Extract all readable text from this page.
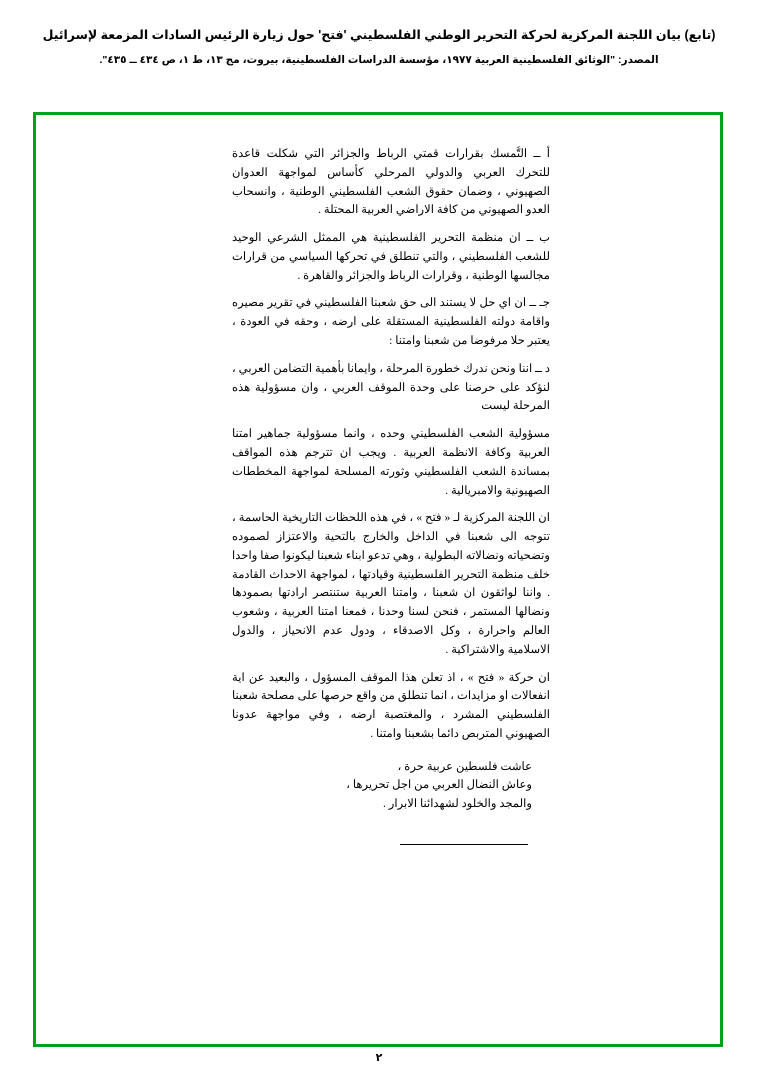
(تابع) بيان اللجنة المركزية لحركة التحرير الوطني الفلسطيني 'فتح' حول زيارة الرئيس السادات المزمعة لإسرائيل
المصدر: "الوثائق الفلسطينية العربية ١٩٧٧، مؤسسة الدراسات الفلسطينية، بيروت، مج ١٣، ط ١، ص ٤٣٤ ــ ٤٣٥".

أ ــ التَّمسك بقرارات قمتي الرباط والجزائر التي شكلت قاعدة للتحرك العربي والدولي المرحلي كأساس لمواجهة العدوان الصهيوني ، وضمان حقوق الشعب الفلسطيني الوطنية ، وانسحاب العدو الصهيوني من كافة الاراضي العربية المحتلة .

ب ــ ان منظمة التحرير الفلسطينية هي الممثل الشرعي الوحيد للشعب الفلسطيني ، والتي تنطلق في تحركها السياسي من قرارات مجالسها الوطنية ، وقرارات الرباط والجزائر والقاهرة .

جـ ــ ان اي حل لا يستند الى حق شعبنا الفلسطيني في تقرير مصيره واقامة دولته الفلسطينية المستقلة على ارضه ، وحقه في العودة ، يعتبر حلا مرفوضا من شعبنا وامتنا :

د ــ اننا ونحن ندرك خطورة المرحلة ، وايمانا بأهمية التضامن العربي ، لنؤكد على حرصنا على وحدة الموقف العربي ، وان مسؤولية هذه المرحلة ليست

مسؤولية الشعب الفلسطيني وحده ، وانما مسؤولية جماهير امتنا العربية وكافة الانظمة العربية . ويجب ان تترجم هذه المواقف بمساندة الشعب الفلسطيني وثورته المسلحة لمواجهة المخططات الصهيونية والامبريالية .

ان اللجنة المركزية لـ « فتح » ، في هذه اللحظات التاريخية الحاسمة ، تتوجه الى شعبنا في الداخل والخارج بالتحية والاعتزاز لصموده وتضحياته ونضالاته البطولية ، وهي تدعو ابناء شعبنا ليكونوا صفا واحدا خلف منظمة التحرير الفلسطينية وقيادتها ، لمواجهة الاحداث القادمة . واننا لواثقون ان شعبنا ، وامتنا العربية ستنتصر ارادتها بصمودها ونضالها المستمر ، فنحن لسنا وحدنا ، فمعنا امتنا العربية ، وشعوب العالم واحرارة ، وكل الاصدقاء ، ودول عدم الانحياز ، والدول الاسلامية والاشتراكية .

ان حركة « فتح » ، اذ تعلن هذا الموقف المسؤول ، والبعيد عن اية انفعالات او مزايدات ، انما تنطلق من واقع حرصها على مصلحة شعبنا الفلسطيني المشرد ، والمغتصبة ارضه ، وفي مواجهة عدونا الصهيوني المتربص دائما بشعبنا وامتنا .

عاشت فلسطين عربية حرة ،
وعاش النضال العربي من اجل تحريرها ،
والمجد والخلود لشهدائنا الابرار .
٢
